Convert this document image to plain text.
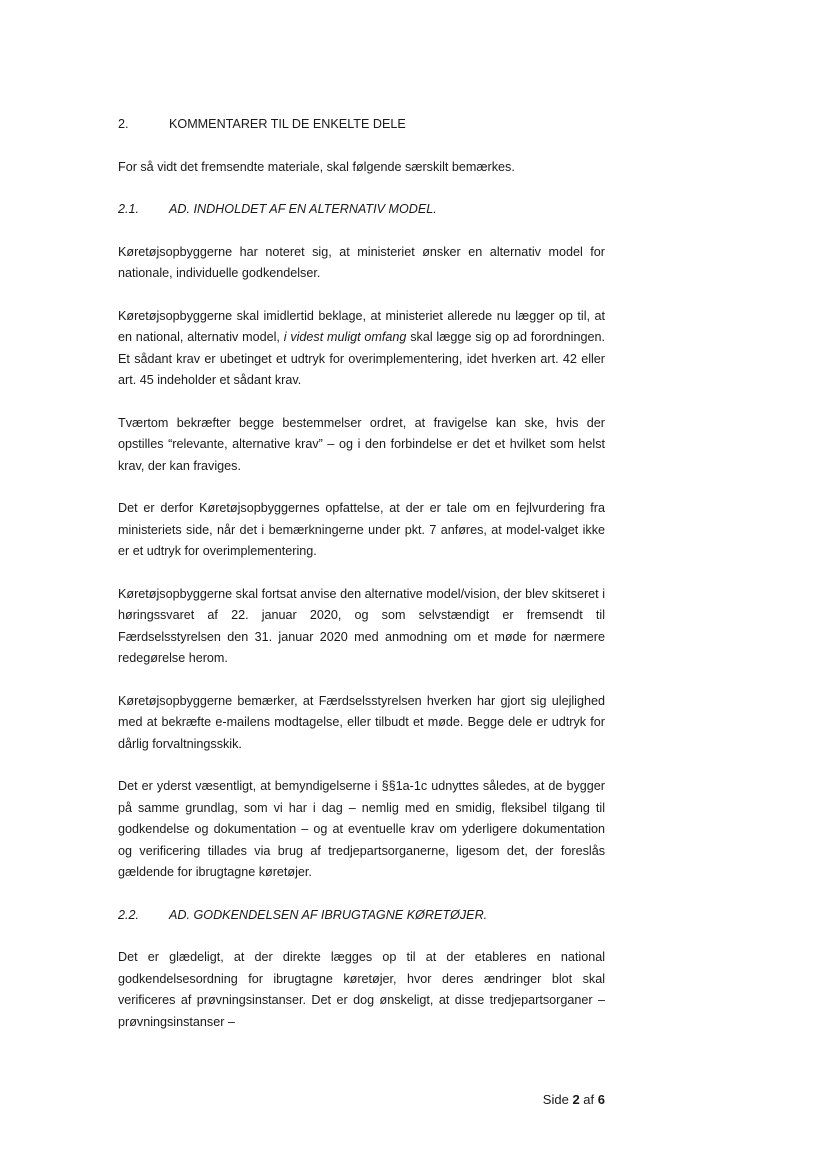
2.	KOMMENTARER TIL DE ENKELTE DELE

For så vidt det fremsendte materiale, skal følgende særskilt bemærkes.

2.1.	AD. INDHOLDET AF EN ALTERNATIV MODEL.

Køretøjsopbyggerne har noteret sig, at ministeriet ønsker en alternativ model for nationale, individuelle godkendelser.

Køretøjsopbyggerne skal imidlertid beklage, at ministeriet allerede nu lægger op til, at en national, alternativ model, i videst muligt omfang skal lægge sig op ad forordningen. Et sådant krav er ubetinget et udtryk for overimplementering, idet hverken art. 42 eller art. 45 indeholder et sådant krav.

Tværtom bekræfter begge bestemmelser ordret, at fravigelse kan ske, hvis der opstilles “relevante, alternative krav” – og i den forbindelse er det et hvilket som helst krav, der kan fraviges.

Det er derfor Køretøjsopbyggernes opfattelse, at der er tale om en fejlvurdering fra ministeriets side, når det i bemærkningerne under pkt. 7 anføres, at model-valget ikke er et udtryk for overimplementering.

Køretøjsopbyggerne skal fortsat anvise den alternative model/vision, der blev skitseret i høringssvaret af 22. januar 2020, og som selvstændigt er fremsendt til Færdselsstyrelsen den 31. januar 2020 med anmodning om et møde for nærmere redegørelse herom.

Køretøjsopbyggerne bemærker, at Færdselsstyrelsen hverken har gjort sig ulejlighed med at bekræfte e-mailens modtagelse, eller tilbudt et møde. Begge dele er udtryk for dårlig forvaltningsskik.

Det er yderst væsentligt, at bemyndigelserne i §§1a-1c udnyttes således, at de bygger på samme grundlag, som vi har i dag – nemlig med en smidig, fleksibel tilgang til godkendelse og dokumentation – og at eventuelle krav om yderligere dokumentation og verificering tillades via brug af tredjepartsorganerne, ligesom det, der foreslås gældende for ibrugtagne køretøjer.

2.2.	AD. GODKENDELSEN AF IBRUGTAGNE KØRETØJER.

Det er glædeligt, at der direkte lægges op til at der etableres en national godkendelsesordning for ibrugtagne køretøjer, hvor deres ændringer blot skal verificeres af prøvningsinstanser. Det er dog ønskeligt, at disse tredjepartsorganer – prøvningsinstanser –

Side 2 af 6
